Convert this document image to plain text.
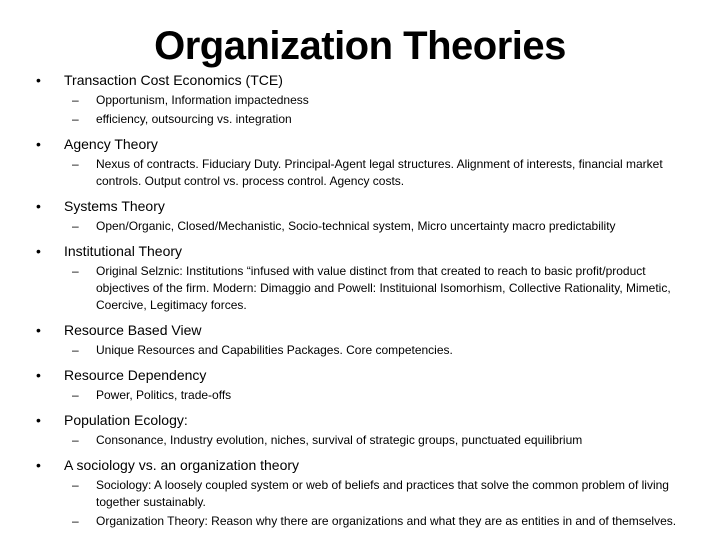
Organization Theories
• Transaction Cost Economics (TCE)
– Opportunism, Information impactedness
– efficiency, outsourcing vs. integration
• Agency Theory
– Nexus of contracts. Fiduciary Duty. Principal-Agent legal structures. Alignment of interests, financial market controls. Output control vs. process control. Agency costs.
• Systems Theory
– Open/Organic, Closed/Mechanistic, Socio-technical system, Micro uncertainty macro predictability
• Institutional Theory
– Original Selznic: Institutions “infused with value distinct from that created to reach to basic profit/product objectives of the firm. Modern: Dimaggio and Powell: Instituional Isomorhism, Collective Rationality, Mimetic, Coercive, Legitimacy forces.
• Resource Based View
– Unique Resources and Capabilities Packages. Core competencies.
• Resource Dependency
– Power, Politics, trade-offs
• Population Ecology:
– Consonance, Industry evolution, niches, survival of strategic groups, punctuated equilibrium
• A sociology vs. an organization theory
– Sociology: A loosely coupled system or web of beliefs and practices that solve the common problem of living together sustainably.
– Organization Theory: Reason why there are organizations and what they are as entities in and of themselves.
